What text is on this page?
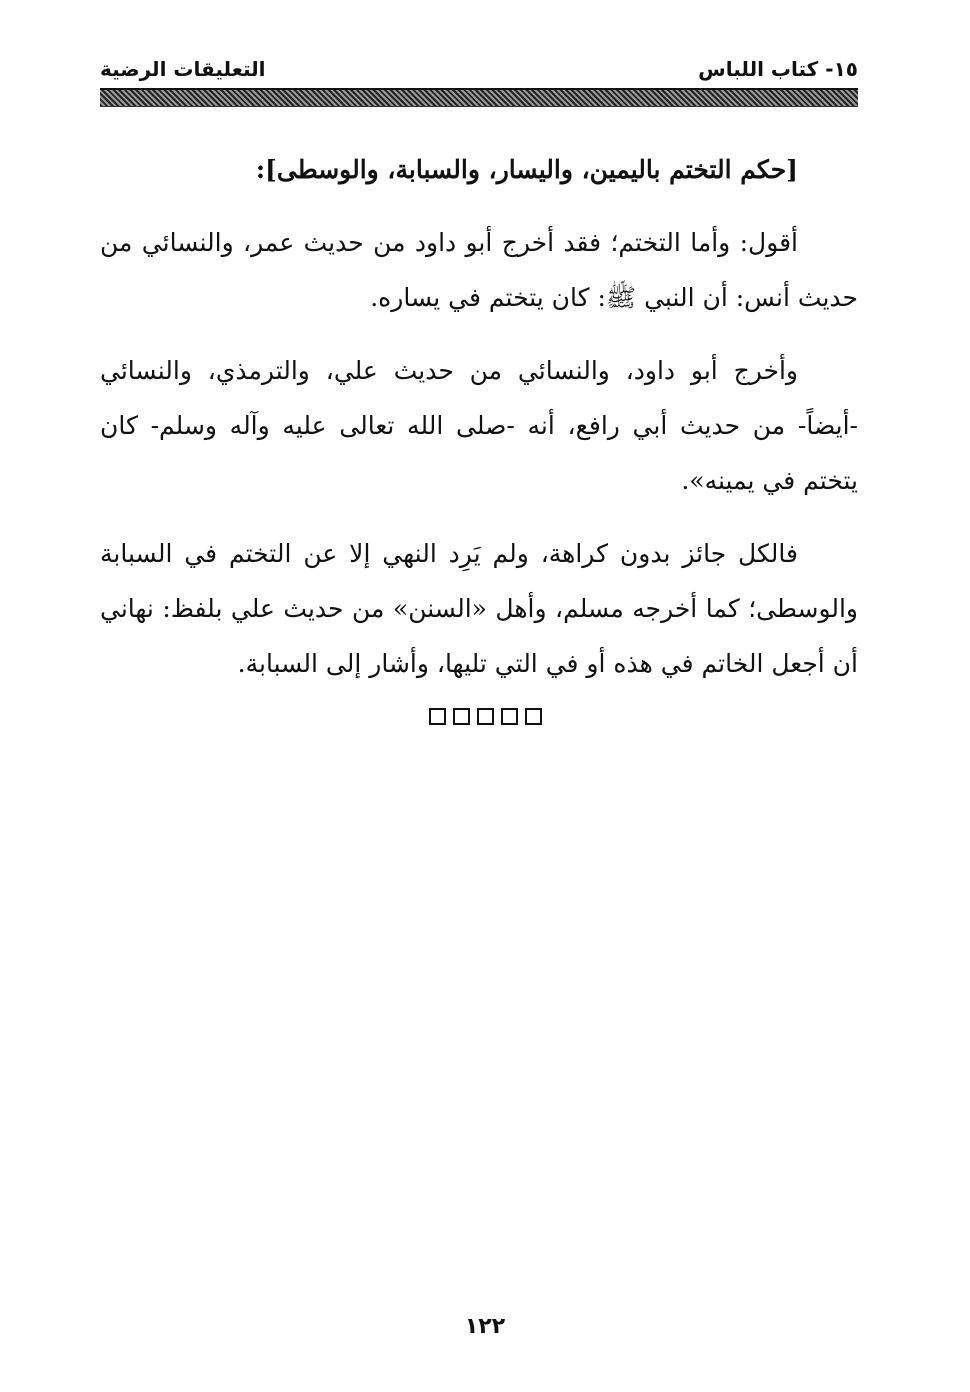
١٥- كتاب اللباس
التعليقات الرضية

[حكم التختم باليمين، واليسار، والسبابة، والوسطى]:

أقول: وأما التختم؛ فقد أخرج أبو داود من حديث عمر، والنسائي من حديث أنس: أن النبي ﷺ: كان يتختم في يساره.

وأخرج أبو داود، والنسائي من حديث علي، والترمذي، والنسائي -أيضاً- من حديث أبي رافع، أنه -صلى الله تعالى عليه وآله وسلم- كان يتختم في يمينه».

فالكل جائز بدون كراهة، ولم يَرِد النهي إلا عن التختم في السبابة والوسطى؛ كما أخرجه مسلم، وأهل «السنن» من حديث علي بلفظ: نهاني أن أجعل الخاتم في هذه أو في التي تليها، وأشار إلى السبابة.

١٢٢
